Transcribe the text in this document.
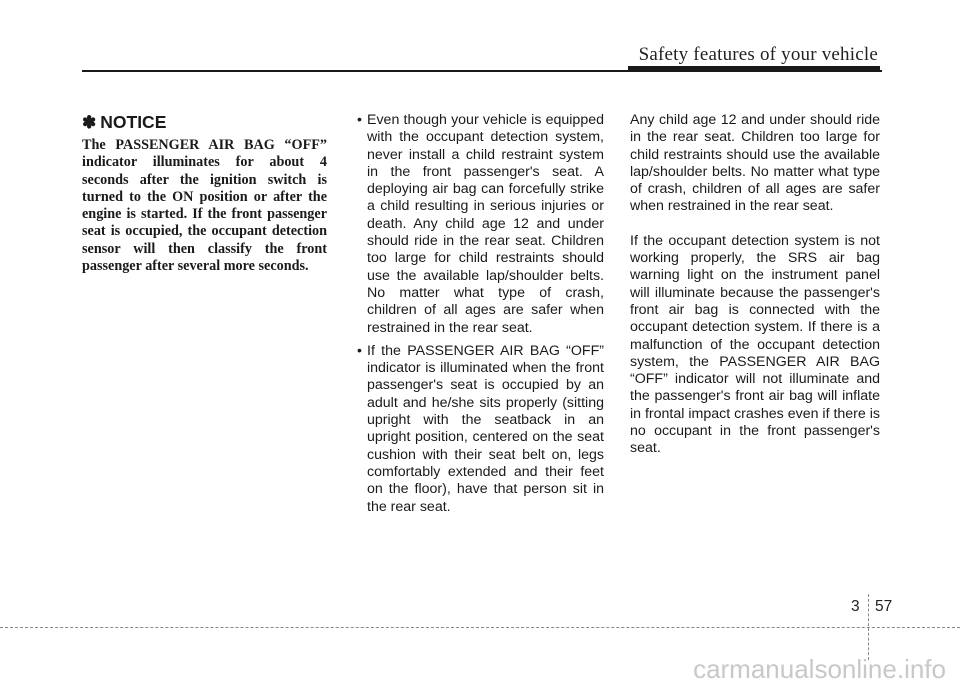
Safety features of your vehicle
✽ NOTICE

The PASSENGER AIR BAG “OFF” indicator illuminates for about 4 seconds after the ignition switch is turned to the ON position or after the engine is started. If the front passenger seat is occupied, the occupant detection sensor will then classify the front passenger after several more seconds.

• Even though your vehicle is equipped with the occupant detection system, never install a child restraint system in the front passenger's seat. A deploying air bag can forcefully strike a child resulting in serious injuries or death. Any child age 12 and under should ride in the rear seat. Children too large for child restraints should use the available lap/shoulder belts. No matter what type of crash, children of all ages are safer when restrained in the rear seat.
• If the PASSENGER AIR BAG “OFF” indicator is illuminated when the front passenger's seat is occupied by an adult and he/she sits properly (sitting upright with the seatback in an upright position, centered on the seat cushion with their seat belt on, legs comfortably extended and their feet on the floor), have that person sit in the rear seat.

Any child age 12 and under should ride in the rear seat. Children too large for child restraints should use the available lap/shoulder belts. No matter what type of crash, children of all ages are safer when restrained in the rear seat.

If the occupant detection system is not working properly, the SRS air bag warning light on the instrument panel will illuminate because the passenger's front air bag is connected with the occupant detection system. If there is a malfunction of the occupant detection system, the PASSENGER AIR BAG “OFF” indicator will not illuminate and the passenger's front air bag will inflate in frontal impact crashes even if there is no occupant in the front passenger's seat.

3 57
carmanualsonline.info
